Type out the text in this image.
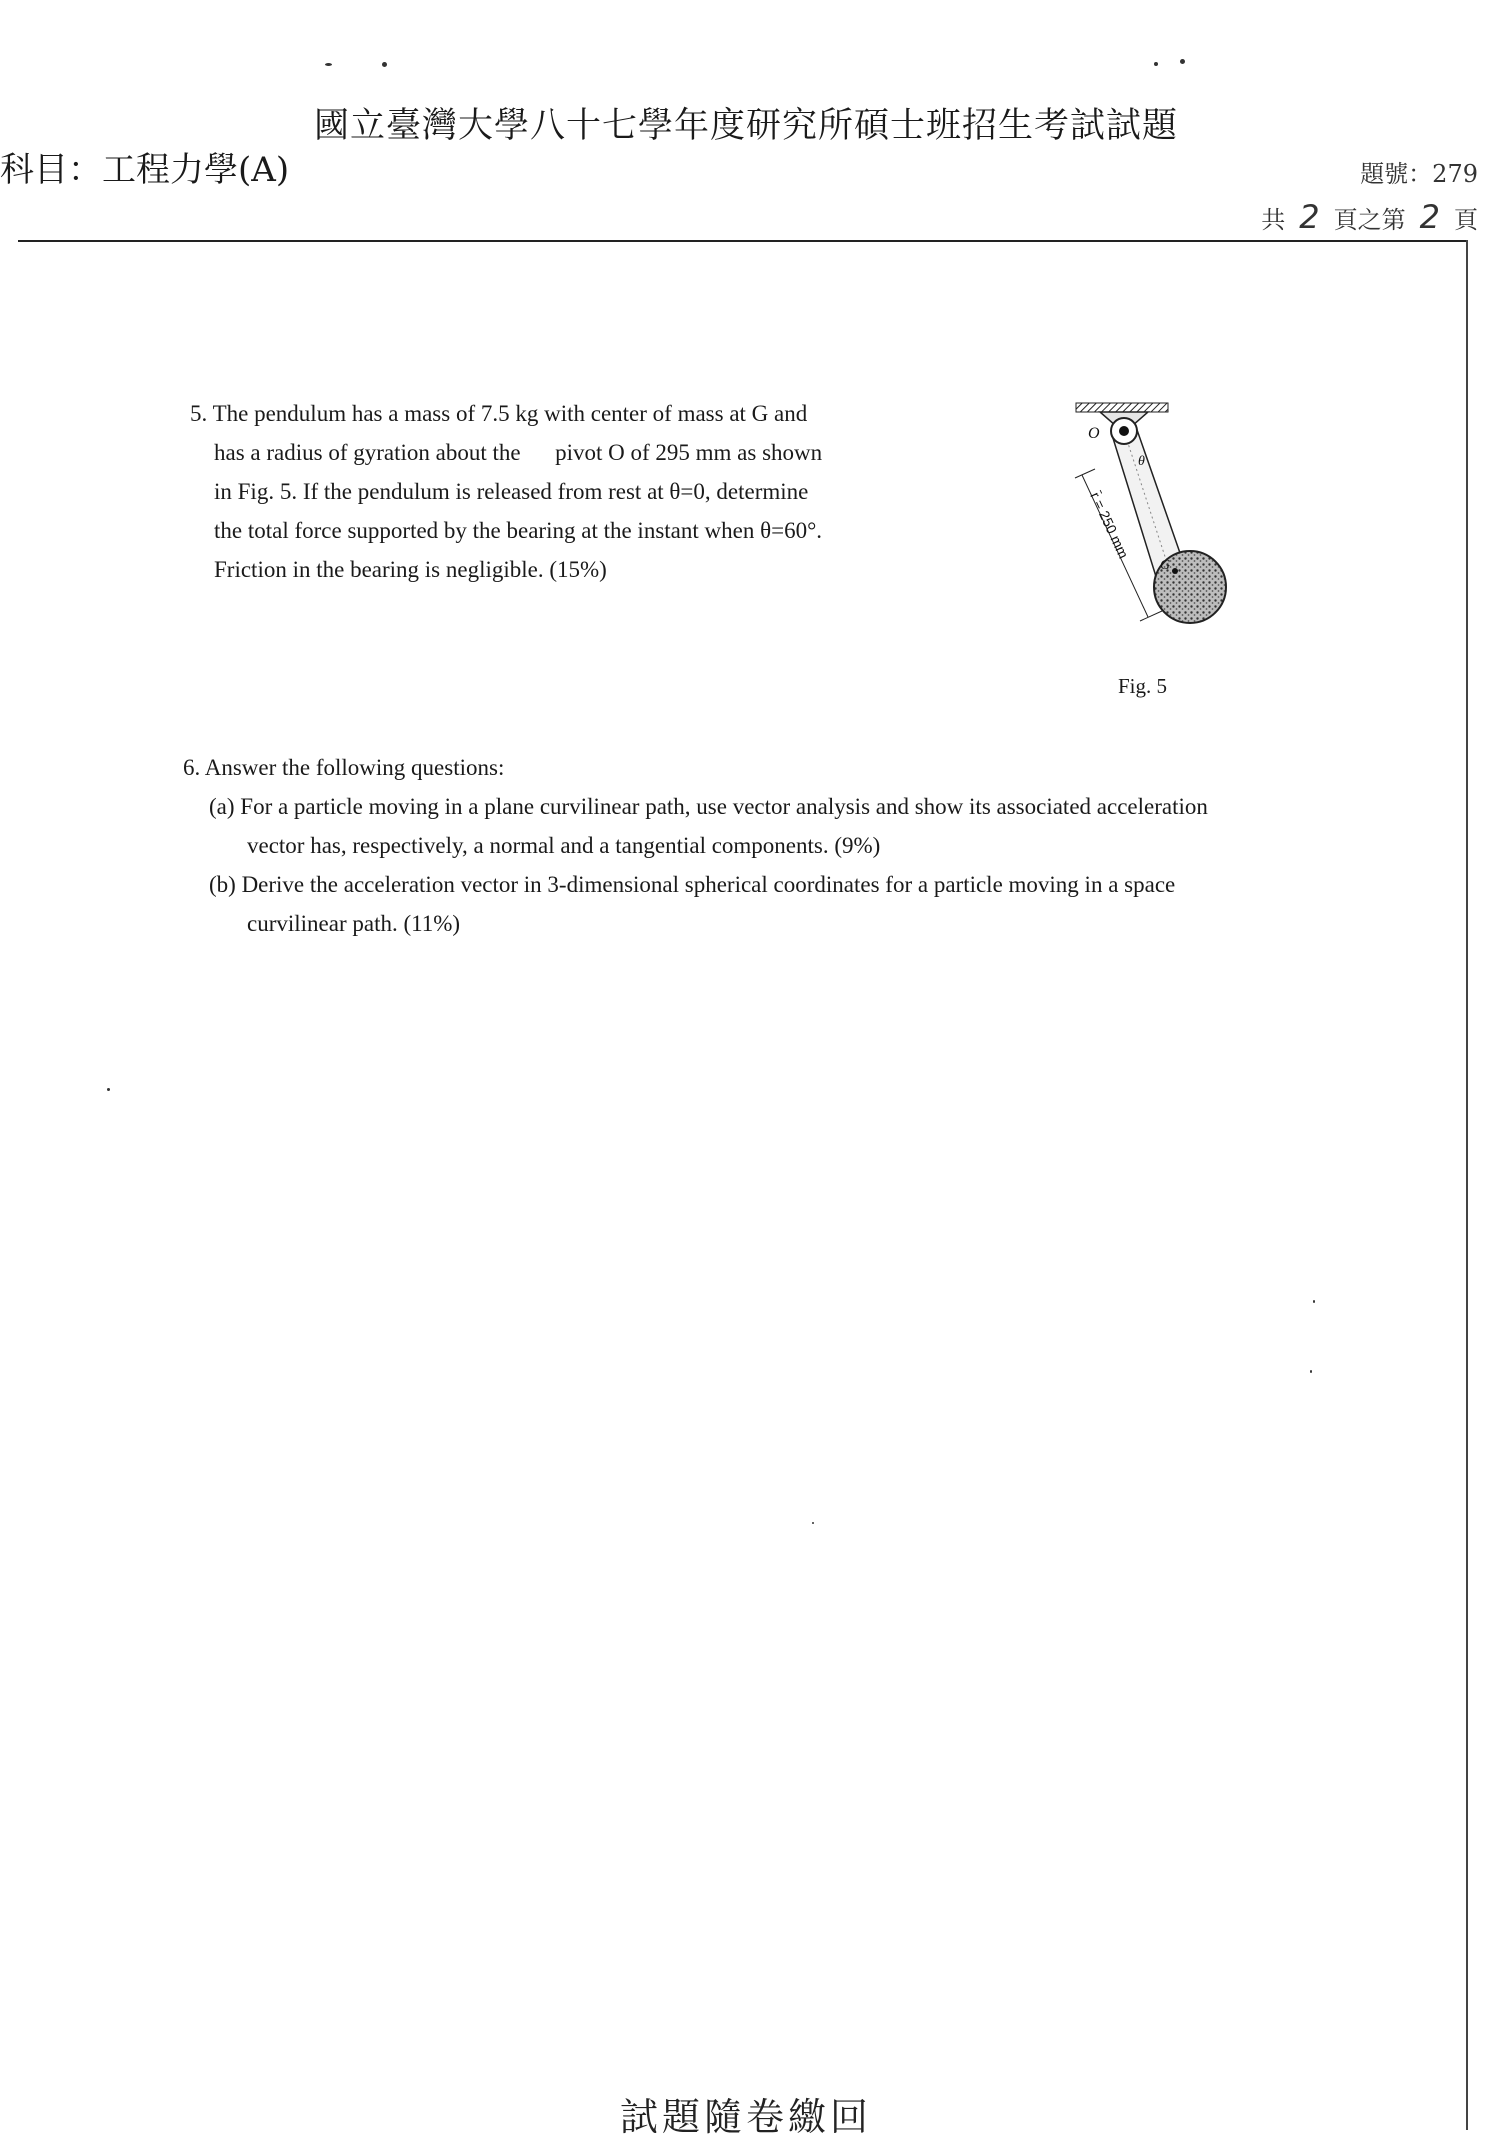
國立臺灣大學八十七學年度研究所碩士班招生考試試題
科目：工程力學(A)	題號：279
共 2 頁之第 2 頁

5. The pendulum has a mass of 7.5 kg with center of mass at G and

has a radius of gyration about the      pivot O of 295 mm as shown

in Fig. 5. If the pendulum is released from rest at θ=0, determine

the total force supported by the bearing at the instant when θ=60°.

Friction in the bearing is negligible. (15%)

O
θ
G
r̄ = 250 mm
Fig. 5

6. Answer the following questions:

(a) For a particle moving in a plane curvilinear path, use vector analysis and show its associated acceleration

vector has, respectively, a normal and a tangential components. (9%)

(b) Derive the acceleration vector in 3-dimensional spherical coordinates for a particle moving in a space

curvilinear path. (11%)

試題隨卷繳回
